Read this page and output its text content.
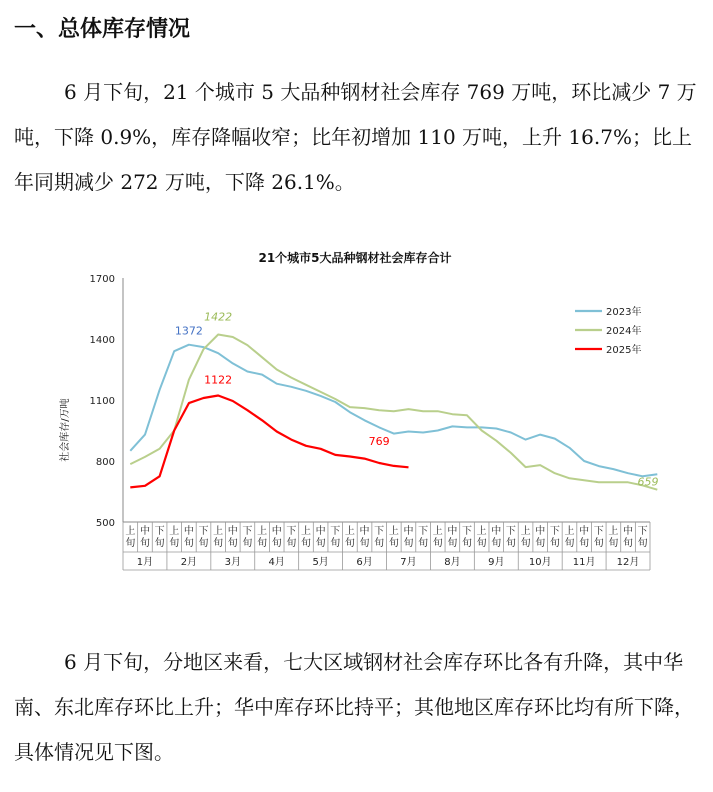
一、总体库存情况

6 月下旬，21 个城市 5 大品种钢材社会库存 769 万吨，环比减少 7 万吨，下降 0.9%，库存降幅收窄；比年初增加 110 万吨，上升 16.7%；比上年同期减少 272 万吨，下降 26.1%。

21个城市5大品种钢材社会库存合计
社会库存/万吨
500
800
1100
1400
1700
上
旬
中
旬
下
旬
上
旬
中
旬
下
旬
上
旬
中
旬
下
旬
上
旬
中
旬
下
旬
上
旬
中
旬
下
旬
上
旬
中
旬
下
旬
上
旬
中
旬
下
旬
上
旬
中
旬
下
旬
上
旬
中
旬
下
旬
上
旬
中
旬
下
旬
上
旬
中
旬
下
旬
上
旬
中
旬
下
旬
1月	2月	3月	4月	5月	6月	7月	8月	9月 10月 11月 12月
1372
1422
1122
769
659
2023年
2024年
2025年

6 月下旬，分地区来看，七大区域钢材社会库存环比各有升降，其中华南、东北库存环比上升；华中库存环比持平；其他地区库存环比均有所下降，具体情况见下图。
